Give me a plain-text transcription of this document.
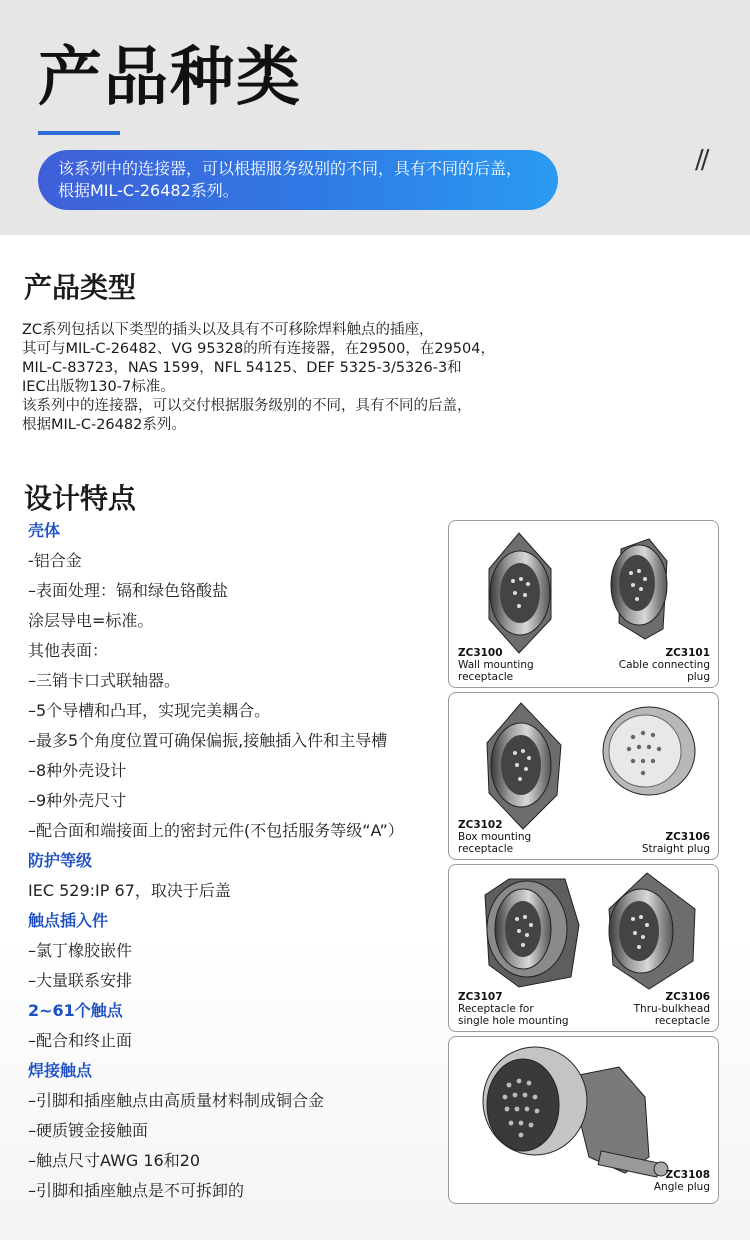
产品种类
该系列中的连接器，可以根据服务级别的不同，具有不同的后盖，
根据MIL-C-26482系列。
//
产品类型
ZC系列包括以下类型的插头以及具有不可移除焊料触点的插座，
其可与MIL-C-26482、VG 95328的所有连接器，在29500，在29504，
MIL-C-83723，NAS 1599，NFL 54125、DEF 5325-3/5326-3和
IEC出版物130-7标准。
该系列中的连接器，可以交付根据服务级别的不同，具有不同的后盖，
根据MIL-C-26482系列。
设计特点
壳体
-铝合金
–表面处理：镉和绿色铬酸盐
涂层导电=标准。
其他表面：
–三销卡口式联轴器。
–5个导槽和凸耳，实现完美耦合。
–最多5个角度位置可确保偏振,接触插入件和主导槽
–8种外壳设计
–9种外壳尺寸
–配合面和端接面上的密封元件(不包括服务等级“A”）
防护等级
IEC 529:IP 67，取决于后盖
触点插入件
–氯丁橡胶嵌件
–大量联系安排
2~61个触点
–配合和终止面
焊接触点
–引脚和插座触点由高质量材料制成铜合金
–硬质镀金接触面
–触点尺寸AWG 16和20
–引脚和插座触点是不可拆卸的
ZC3100
Wall mounting
receptacle
ZC3101
Cable connecting
plug
ZC3102
Box mounting
receptacle
ZC3106
Straight plug
ZC3107
Receptacle for
single hole mounting
ZC3106
Thru-bulkhead
receptacle
ZC3108
Angle plug
